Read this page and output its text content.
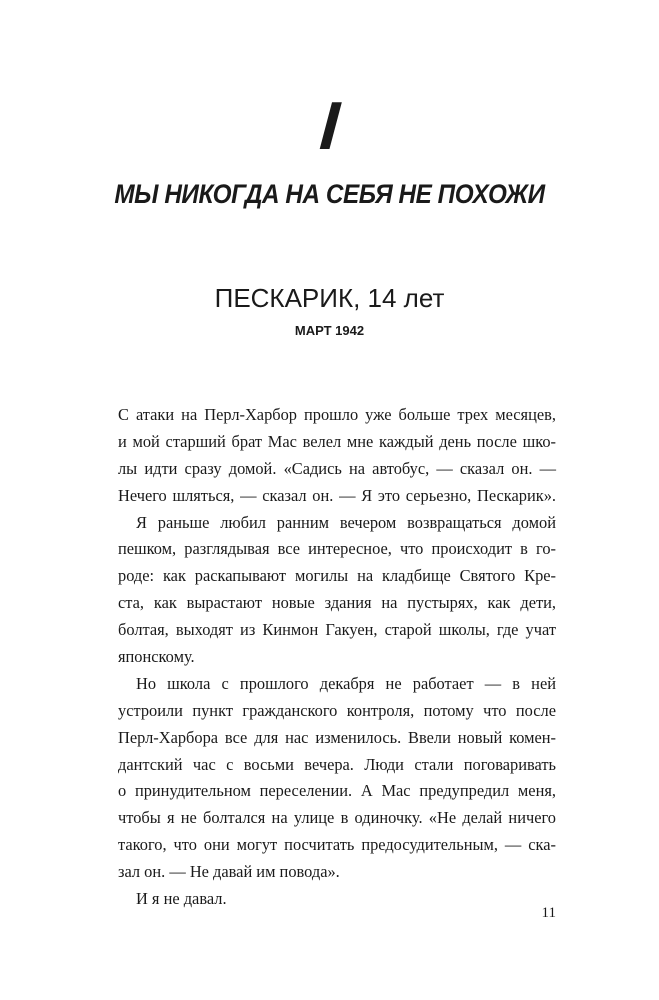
I
МЫ НИКОГДА НА СЕБЯ НЕ ПОХОЖИ
ПЕСКАРИК, 14 лет
МАРТ 1942
С атаки на Перл-Харбор прошло уже больше трех месяцев,
и мой старший брат Мас велел мне каждый день после шко-
лы идти сразу домой. «Садись на автобус, — сказал он. —
Нечего шляться, — сказал он. — Я это серьезно, Пескарик».
Я раньше любил ранним вечером возвращаться домой
пешком, разглядывая все интересное, что происходит в го-
роде: как раскапывают могилы на кладбище Святого Кре-
ста, как вырастают новые здания на пустырях, как дети,
болтая, выходят из Кинмон Гакуен, старой школы, где учат
японскому.
Но школа с прошлого декабря не работает — в ней
устроили пункт гражданского контроля, потому что после
Перл-Харбора все для нас изменилось. Ввели новый комен-
дантский час с восьми вечера. Люди стали поговаривать
о принудительном переселении. А Мас предупредил меня,
чтобы я не болтался на улице в одиночку. «Не делай ничего
такого, что они могут посчитать предосудительным, — ска-
зал он. — Не давай им повода».
И я не давал.
11
